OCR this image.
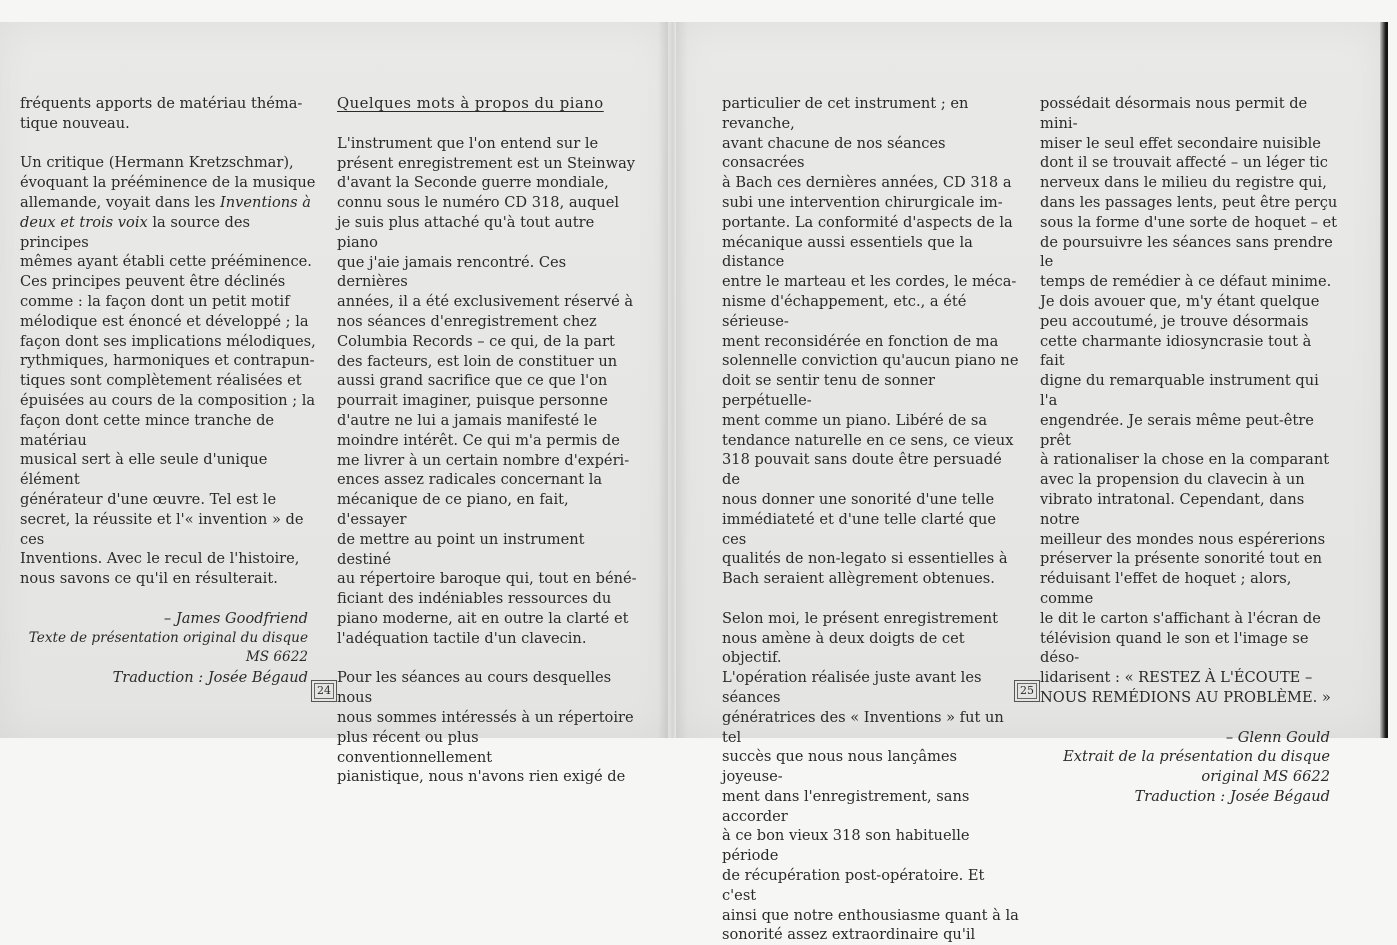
fréquents apports de matériau théma-
tique nouveau.

Un critique (Hermann Kretzschmar),
évoquant la prééminence de la musique
allemande, voyait dans les Inventions à
deux et trois voix la source des principes
mêmes ayant établi cette prééminence.
Ces principes peuvent être déclinés
comme : la façon dont un petit motif
mélodique est énoncé et développé ; la
façon dont ses implications mélodiques,
rythmiques, harmoniques et contrapun-
tiques sont complètement réalisées et
épuisées au cours de la composition ; la
façon dont cette mince tranche de matériau
musical sert à elle seule d'unique élément
générateur d'une œuvre. Tel est le
secret, la réussite et l'« invention » de ces
Inventions. Avec le recul de l'histoire,
nous savons ce qu'il en résulterait.

– James Goodfriend

Texte de présentation original du disque MS 6622

Traduction : Josée Bégaud

Quelques mots à propos du piano

L'instrument que l'on entend sur le
présent enregistrement est un Steinway
d'avant la Seconde guerre mondiale,
connu sous le numéro CD 318, auquel
je suis plus attaché qu'à tout autre piano
que j'aie jamais rencontré. Ces dernières
années, il a été exclusivement réservé à
nos séances d'enregistrement chez
Columbia Records – ce qui, de la part
des facteurs, est loin de constituer un
aussi grand sacrifice que ce que l'on
pourrait imaginer, puisque personne
d'autre ne lui a jamais manifesté le
moindre intérêt. Ce qui m'a permis de
me livrer à un certain nombre d'expéri-
ences assez radicales concernant la
mécanique de ce piano, en fait, d'essayer
de mettre au point un instrument destiné
au répertoire baroque qui, tout en béné-
ficiant des indéniables ressources du
piano moderne, ait en outre la clarté et
l'adéquation tactile d'un clavecin.

Pour les séances au cours desquelles nous
nous sommes intéressés à un répertoire
plus récent ou plus conventionnellement
pianistique, nous n'avons rien exigé de

24

particulier de cet instrument ; en revanche,
avant chacune de nos séances consacrées
à Bach ces dernières années, CD 318 a
subi une intervention chirurgicale im-
portante. La conformité d'aspects de la
mécanique aussi essentiels que la distance
entre le marteau et les cordes, le méca-
nisme d'échappement, etc., a été sérieuse-
ment reconsidérée en fonction de ma
solennelle conviction qu'aucun piano ne
doit se sentir tenu de sonner perpétuelle-
ment comme un piano. Libéré de sa
tendance naturelle en ce sens, ce vieux
318 pouvait sans doute être persuadé de
nous donner une sonorité d'une telle
immédiateté et d'une telle clarté que ces
qualités de non-legato si essentielles à
Bach seraient allègrement obtenues.

Selon moi, le présent enregistrement
nous amène à deux doigts de cet objectif.
L'opération réalisée juste avant les séances
génératrices des « Inventions » fut un tel
succès que nous nous lançâmes joyeuse-
ment dans l'enregistrement, sans accorder
à ce bon vieux 318 son habituelle période
de récupération post-opératoire. Et c'est
ainsi que notre enthousiasme quant à la
sonorité assez extraordinaire qu'il

possédait désormais nous permit de mini-
miser le seul effet secondaire nuisible
dont il se trouvait affecté – un léger tic
nerveux dans le milieu du registre qui,
dans les passages lents, peut être perçu
sous la forme d'une sorte de hoquet – et
de poursuivre les séances sans prendre le
temps de remédier à ce défaut minime.
Je dois avouer que, m'y étant quelque
peu accoutumé, je trouve désormais
cette charmante idiosyncrasie tout à fait
digne du remarquable instrument qui l'a
engendrée. Je serais même peut-être prêt
à rationaliser la chose en la comparant
avec la propension du clavecin à un
vibrato intratonal. Cependant, dans notre
meilleur des mondes nous espérerions
préserver la présente sonorité tout en
réduisant l'effet de hoquet ; alors, comme
le dit le carton s'affichant à l'écran de
télévision quand le son et l'image se déso-
lidarisent : « RESTEZ À L'ÉCOUTE –
NOUS REMÉDIONS AU PROBLÈME. »

– Glenn Gould

Extrait de la présentation du disque

original MS 6622

Traduction : Josée Bégaud

25
